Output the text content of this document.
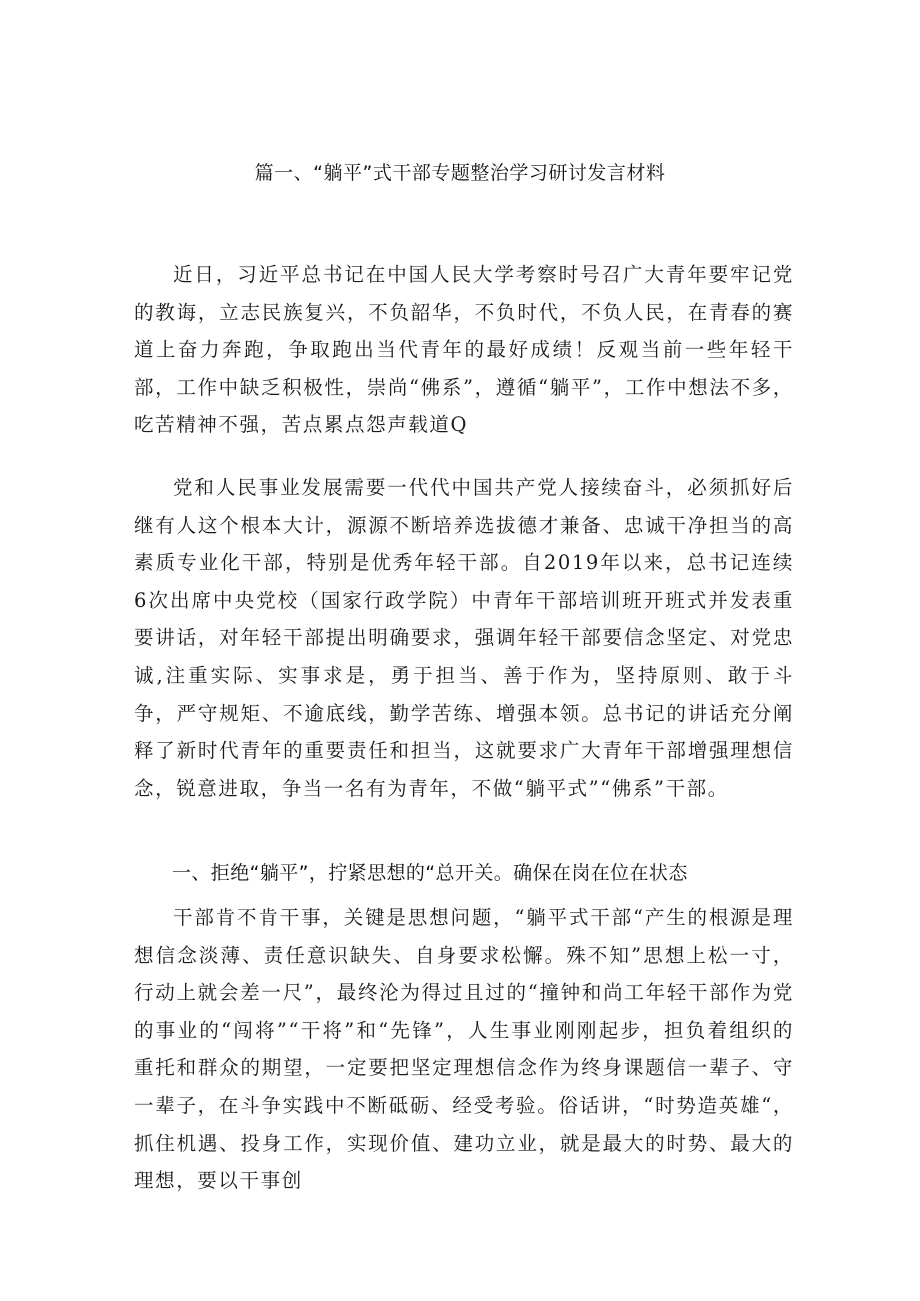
篇一、“躺平”式干部专题整治学习研讨发言材料

近日，习近平总书记在中国人民大学考察时号召广大青年要牢记党的教诲，立志民族复兴，不负韶华，不负时代，不负人民，在青春的赛道上奋力奔跑，争取跑出当代青年的最好成绩！反观当前一些年轻干部，工作中缺乏积极性，崇尚“佛系”，遵循“躺平”，工作中想法不多，吃苦精神不强，苦点累点怨声载道Q

党和人民事业发展需要一代代中国共产党人接续奋斗，必须抓好后继有人这个根本大计，源源不断培养选拔德才兼备、忠诚干净担当的高素质专业化干部，特别是优秀年轻干部。自2019年以来，总书记连续6次出席中央党校（国家行政学院）中青年干部培训班开班式并发表重要讲话，对年轻干部提出明确要求，强调年轻干部要信念坚定、对党忠诚,注重实际、实事求是，勇于担当、善于作为，坚持原则、敢于斗争，严守规矩、不逾底线，勤学苦练、增强本领。总书记的讲话充分阐释了新时代青年的重要责任和担当，这就要求广大青年干部增强理想信念，锐意进取，争当一名有为青年，不做“躺平式”“佛系”干部。

一、拒绝“躺平”，拧紧思想的“总开关。确保在岗在位在状态

干部肯不肯干事，关键是思想问题，“躺平式干部“产生的根源是理想信念淡薄、责任意识缺失、自身要求松懈。殊不知”思想上松一寸，行动上就会差一尺”，最终沦为得过且过的“撞钟和尚工年轻干部作为党的事业的“闯将”“干将”和“先锋”，人生事业刚刚起步，担负着组织的重托和群众的期望，一定要把坚定理想信念作为终身课题信一辈子、守一辈子，在斗争实践中不断砥砺、经受考验。俗话讲，“时势造英雄“，抓住机遇、投身工作，实现价值、建功立业，就是最大的时势、最大的理想，要以干事创
